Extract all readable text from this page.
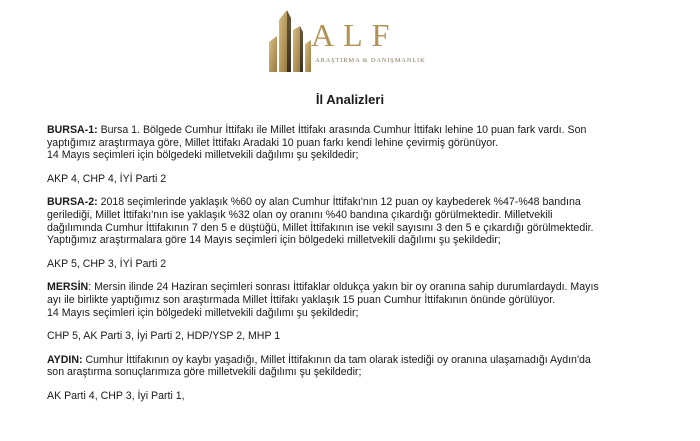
ALF
ARAŞTIRMA & DANIŞMANLIK
İl Analizleri
BURSA-1: Bursa 1. Bölgede Cumhur İttifakı ile Millet İttifakı arasında Cumhur İttifakı lehine 10 puan fark vardı. Son
yaptığımız araştırmaya göre, Millet İttifakı Aradaki 10 puan farkı kendi lehine çevirmiş görünüyor.
14 Mayıs seçimleri için bölgedeki milletvekili dağılımı şu şekildedir;
AKP 4, CHP 4, İYİ Parti 2
BURSA-2: 2018 seçimlerinde yaklaşık %60 oy alan Cumhur İttifakı'nın 12 puan oy kaybederek %47-%48 bandına
gerilediği, Millet İttifakı'nın ise yaklaşık %32 olan oy oranını %40 bandına çıkardığı görülmektedir. Milletvekili
dağılımında Cumhur İttifakının 7 den 5 e düştüğü, Millet İttifakının ise vekil sayısını 3 den 5 e çıkardığı görülmektedir.
Yaptığımız araştırmalara göre 14 Mayıs seçimleri için bölgedeki milletvekili dağılımı şu şekildedir;
AKP 5, CHP 3, İYİ Parti 2
MERSİN: Mersin ilinde 24 Haziran seçimleri sonrası İttifaklar oldukça yakın bir oy oranına sahip durumlardaydı. Mayıs
ayı ile birlikte yaptığımız son araştırmada Millet İttifakı yaklaşık 15 puan Cumhur İttifakının önünde görülüyor.
14 Mayıs seçimleri için bölgedeki milletvekili dağılımı şu şekildedir;
CHP 5, AK Parti 3, İyi Parti 2, HDP/YSP 2, MHP 1
AYDIN: Cumhur İttifakının oy kaybı yaşadığı, Millet İttifakının da tam olarak istediği oy oranına ulaşamadığı Aydın'da
son araştırma sonuçlarımıza göre milletvekili dağılımı şu şekildedir;
AK Parti 4, CHP 3, İyi Parti 1,
